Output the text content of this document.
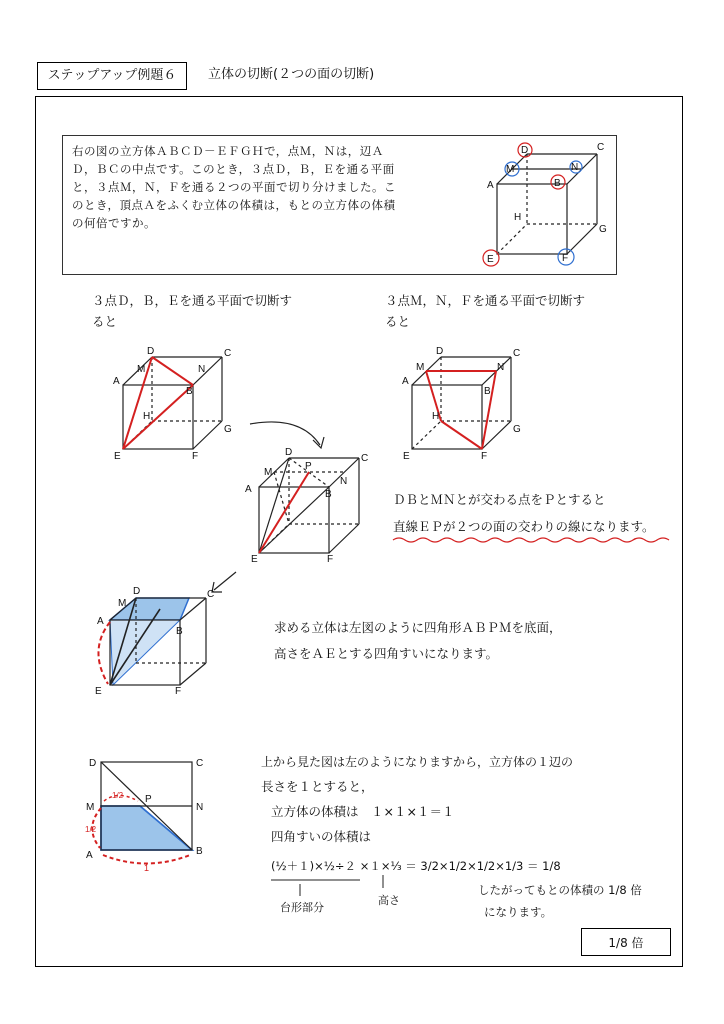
ステップアップ例題６	立体の切断(２つの面の切断)
右の図の立方体ＡＢＣＤ－ＥＦＧＨで，点Ｍ，Ｎは，辺ＡＤ，ＢＣの中点です。このとき，３点Ｄ，Ｂ，Ｅを通る平面と，３点Ｍ，Ｎ，Ｆを通る２つの平面で切り分けました。このとき，頂点Ａをふくむ立体の体積は，もとの立方体の体積の何倍ですか。
３点Ｄ，Ｂ，Ｅを通る平面で切断すると
３点Ｍ，Ｎ，Ｆを通る平面で切断すると
ＤＢとＭＮとが交わる点をＰとすると
直線ＥＰが２つの面の交わりの線になります。
求める立体は左図のように四角形ＡＢＰＭを底面，
高さをＡＥとする四角すいになります。
上から見た図は左のようになりますから，立方体の１辺の
長さを１とすると，
立方体の体積は　１×１×１＝１
四角すいの体積は
(½＋１)×½÷２ ×１×⅓ ＝ 3/2×1/2×1/2×1/3 ＝ 1/8
台形部分
高さ
したがってもとの体積の 1/8 倍
になります。
1/8 倍
A
D
M	N
B
C
H
G
E	F
A
D
M	N
B
C
H
G
E	F
A
D
M	N
B
C
H
G
E	F
A
D
M
P
N
B
C
E	F
D
M
C
A
B
E	F
D	C
M
P
N
A	B
1/2
1/2
1
